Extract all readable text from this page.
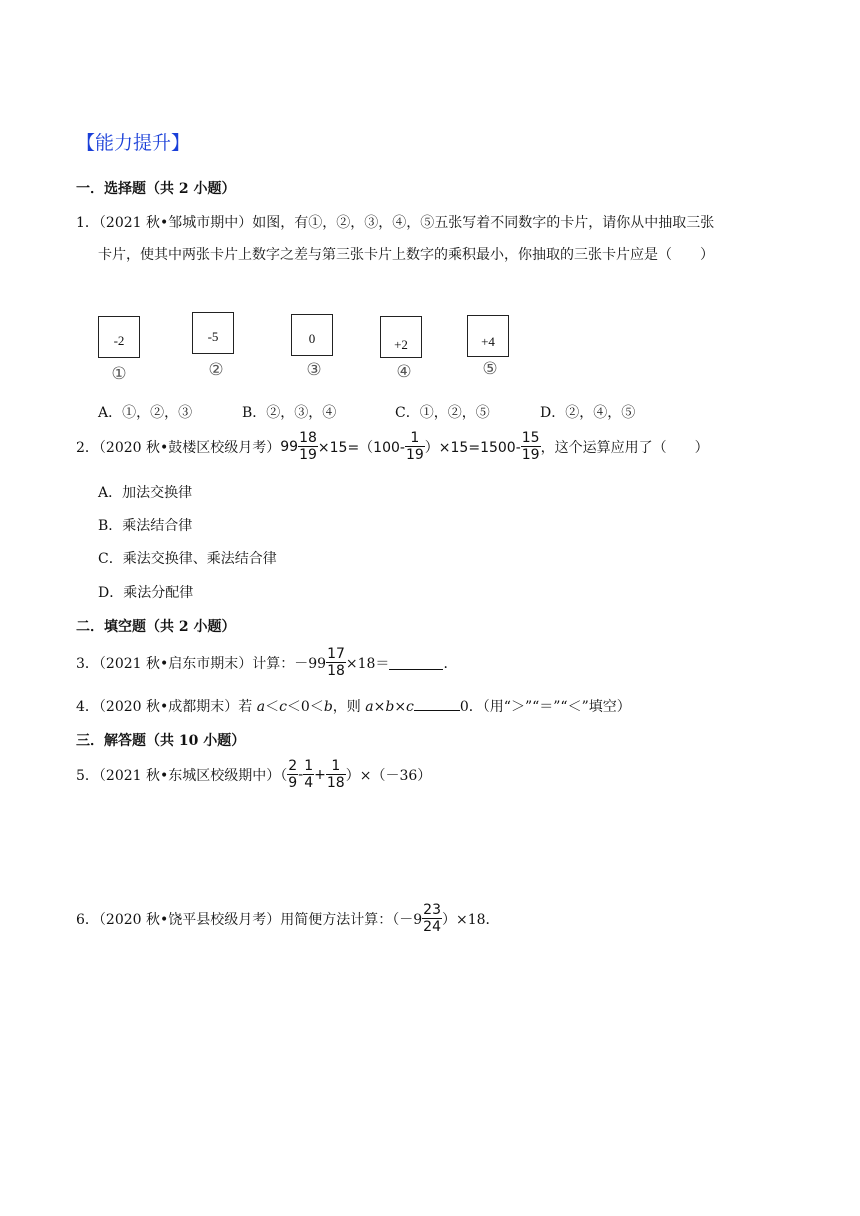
【能力提升】
一．选择题（共 2 小题）
1．（2021 秋•邹城市期中）如图，有①，②，③，④，⑤五张写着不同数字的卡片，请你从中抽取三张
卡片，使其中两张卡片上数字之差与第三张卡片上数字的乘积最小，你抽取的三张卡片应是（　　）
-2
①
-5
②
0
③
+2
④
+4
⑤
A．①，②，③	B．②，③，④	C．①，②，⑤	D．②，④，⑤
2．（2020 秋•鼓楼区校级月考） $99 \frac{18}{19} \times 15=(100- \frac{1}{19} )\times 15=1500- \frac{15}{19}$ ，这个运算应用了（　　）
A．加法交换律
B．乘法结合律
C．乘法交换律、乘法结合律
D．乘法分配律
二．填空题（共 2 小题）
3．（2021 秋•启东市期末）计算：$-99 \frac{17}{18} \times 18=$	．
4．（2020 秋•成都期末）若 a＜c＜0＜b，则 a×b×c	0．（用“＞”“＝”“＜”填空）
三．解答题（共 10 小题）
5．（2021 秋•东城区校级期中）（ $\frac{2}{9} - \frac{1}{4} + \frac{1}{18} )\times(-36)$
6．（2020 秋•饶平县校级月考）用简便方法计算：$(-9 \frac{23}{24} )\times 18$．
